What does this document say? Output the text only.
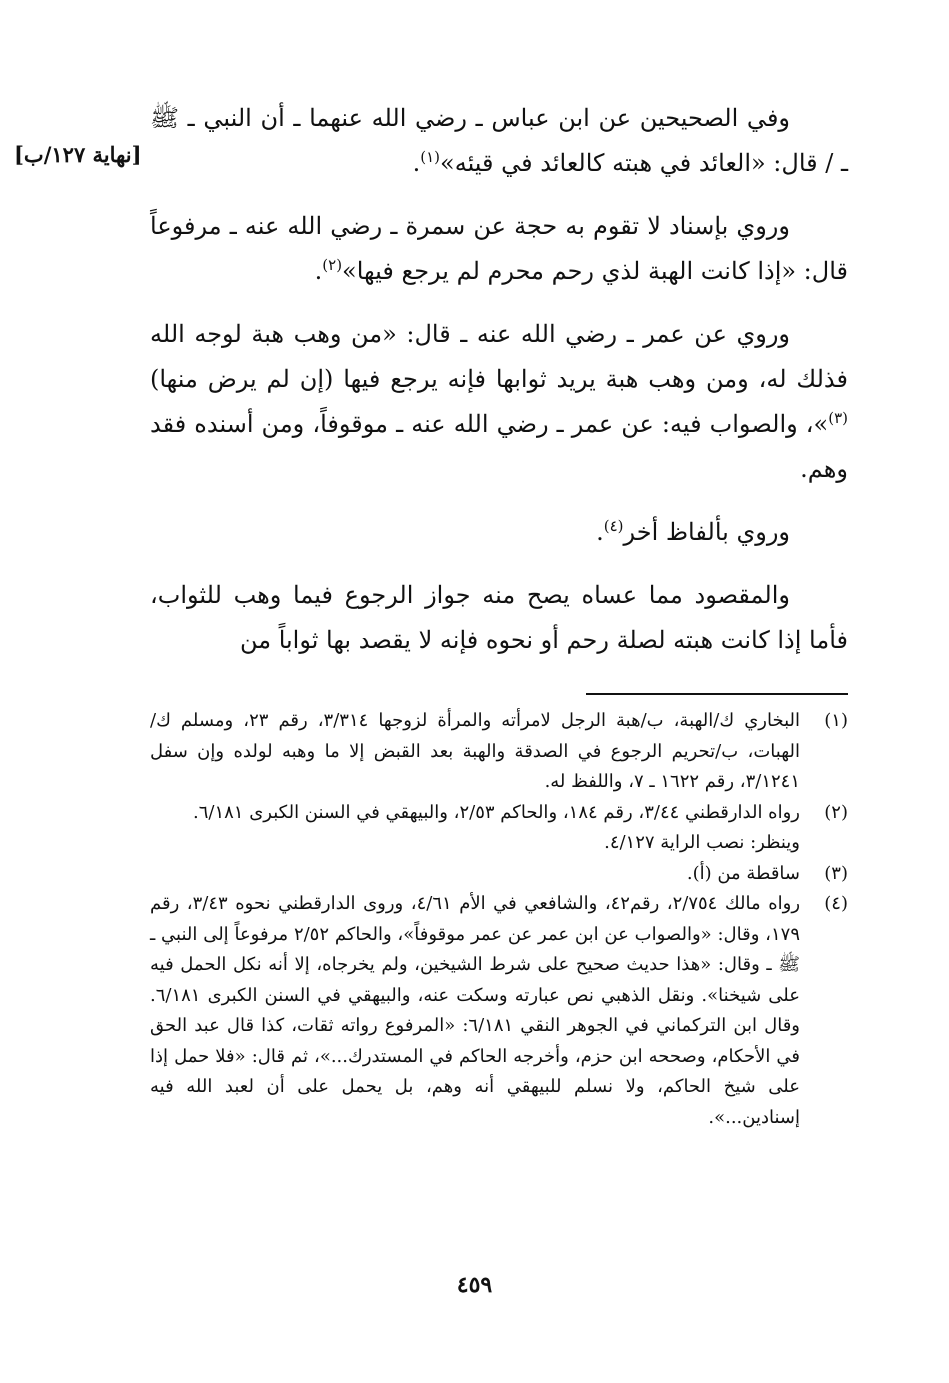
[نهاية ١٢٧/ب]

وفي الصحيحين عن ابن عباس ـ رضي الله عنهما ـ أن النبي ـ ﷺ ـ / قال: «العائد في هبته كالعائد في قيئه»$^{(١)}$.

وروي بإسناد لا تقوم به حجة عن سمرة ـ رضي الله عنه ـ مرفوعاً قال: «إذا كانت الهبة لذي رحم محرم لم يرجع فيها»$^{(٢)}$.

وروي عن عمر ـ رضي الله عنه ـ قال: «من وهب هبة لوجه الله فذلك له، ومن وهب هبة يريد ثوابها فإنه يرجع فيها (إن لم يرض منها)$^{(٣)}$»، والصواب فيه: عن عمر ـ رضي الله عنه ـ موقوفاً، ومن أسنده فقد وهم.

وروي بألفاظ أخر$^{(٤)}$.

والمقصود مما عساه يصح منه جواز الرجوع فيما وهب للثواب، فأما إذا كانت هبته لصلة رحم أو نحوه فإنه لا يقصد بها ثواباً من

(١)
البخاري ك/الهبة، ب/هبة الرجل لامرأته والمرأة لزوجها ٣/٣١٤، رقم ٢٣، ومسلم ك/الهبات، ب/تحريم الرجوع في الصدقة والهبة بعد القبض إلا ما وهبه لولده وإن سفل ٣/١٢٤١، رقم ١٦٢٢ ـ ٧، واللفظ له.
(٢)
رواه الدارقطني ٣/٤٤، رقم ١٨٤، والحاكم ٢/٥٣، والبيهقي في السنن الكبرى ٦/١٨١.
وينظر: نصب الراية ٤/١٢٧.
(٣)
ساقطة من (أ).
(٤)
رواه مالك ٢/٧٥٤، رقم٤٢، والشافعي في الأم ٤/٦١، وروى الدارقطني نحوه ٣/٤٣، رقم ١٧٩، وقال: «والصواب عن ابن عمر عن عمر موقوفاً»، والحاكم ٢/٥٢ مرفوعاً إلى النبي ـ ﷺ ـ وقال: «هذا حديث صحيح على شرط الشيخين، ولم يخرجاه، إلا أنه نكل الحمل فيه على شيخنا». ونقل الذهبي نص عبارته وسكت عنه، والبيهقي في السنن الكبرى ٦/١٨١. وقال ابن التركماني في الجوهر النقي ٦/١٨١: «المرفوع رواته ثقات، كذا قال عبد الحق في الأحكام، وصححه ابن حزم، وأخرجه الحاكم في المستدرك...»، ثم قال: «فلا حمل إذا على شيخ الحاكم، ولا نسلم للبيهقي أنه وهم، بل يحمل على أن لعبد الله فيه إسنادين...».
٤٥٩
